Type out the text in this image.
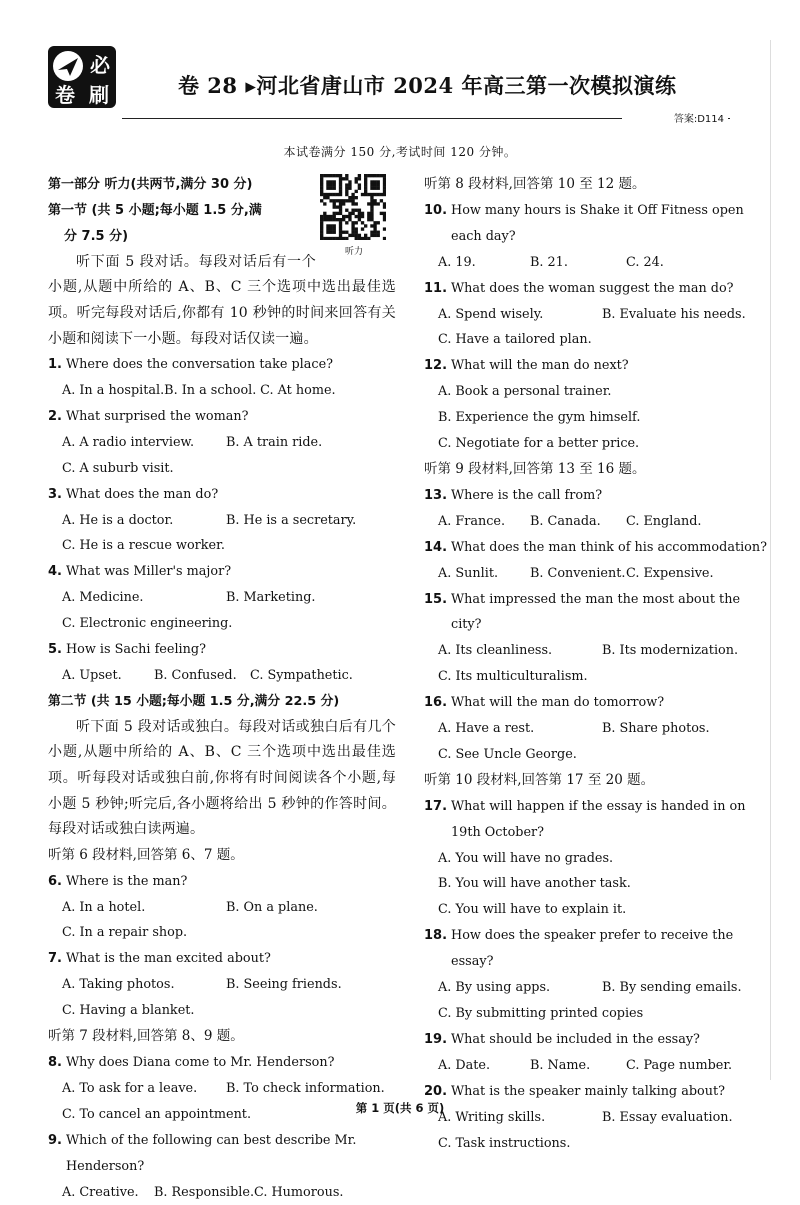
必
卷 刷	卷 28 ▸河北省唐山市 2024 年高三第一次模拟演练
答案:D114
本试卷满分 150 分,考试时间 120 分钟。
听力
第一部分 听力(共两节,满分 30 分)
第一节 (共 5 小题;每小题 1.5 分,满
分 7.5 分)
听下面 5 段对话。每段对话后有一个小题,从题中所给的 A、B、C 三个选项中选出最佳选项。听完每段对话后,你都有 10 秒钟的时间来回答有关小题和阅读下一小题。每段对话仅读一遍。
1. Where does the conversation take place?
A. In a hospital.B. In a school. C. At home.
2. What surprised the woman?
A. A radio interview. B. A train ride.
C. A suburb visit.
3. What does the man do?
A. He is a doctor.	B. He is a secretary.
C. He is a rescue worker.
4. What was Miller's major?
A. Medicine.	B. Marketing.
C. Electronic engineering.
5. How is Sachi feeling?
A. Upset.	B. Confused. C. Sympathetic.
第二节 (共 15 小题;每小题 1.5 分,满分 22.5 分)
听下面 5 段对话或独白。每段对话或独白后有几个小题,从题中所给的 A、B、C 三个选项中选出最佳选项。听每段对话或独白前,你将有时间阅读各个小题,每小题 5 秒钟;听完后,各小题将给出 5 秒钟的作答时间。每段对话或独白读两遍。
听第 6 段材料,回答第 6、7 题。
6. Where is the man?
A. In a hotel.	B. On a plane.
C. In a repair shop.
7. What is the man excited about?
A. Taking photos.	B. Seeing friends.
C. Having a blanket.
听第 7 段材料,回答第 8、9 题。
8. Why does Diana come to Mr. Henderson?
A. To ask for a leave. B. To check information.
C. To cancel an appointment.
9. Which of the following can best describe Mr. Henderson?
A. Creative. B. Responsible.C. Humorous.
听第 8 段材料,回答第 10 至 12 题。
10. How many hours is Shake it Off Fitness open each day?
A. 19.	B. 21.	C. 24.
11. What does the woman suggest the man do?
A. Spend wisely.	B. Evaluate his needs.
C. Have a tailored plan.
12. What will the man do next?
A. Book a personal trainer.
B. Experience the gym himself.
C. Negotiate for a better price.
听第 9 段材料,回答第 13 至 16 题。
13. Where is the call from?
A. France. B. Canada. C. England.
14. What does the man think of his accommodation?
A. Sunlit. B. Convenient.C. Expensive.
15. What impressed the man the most about the city?
A. Its cleanliness.	B. Its modernization.
C. Its multiculturalism.
16. What will the man do tomorrow?
A. Have a rest.	B. Share photos.
C. See Uncle George.
听第 10 段材料,回答第 17 至 20 题。
17. What will happen if the essay is handed in on 19th October?
A. You will have no grades.
B. You will have another task.
C. You will have to explain it.
18. How does the speaker prefer to receive the essay?
A. By using apps.	B. By sending emails.
C. By submitting printed copies
19. What should be included in the essay?
A. Date.	B. Name.	C. Page number.
20. What is the speaker mainly talking about?
A. Writing skills.	B. Essay evaluation.
C. Task instructions.
第 1 页(共 6 页)
